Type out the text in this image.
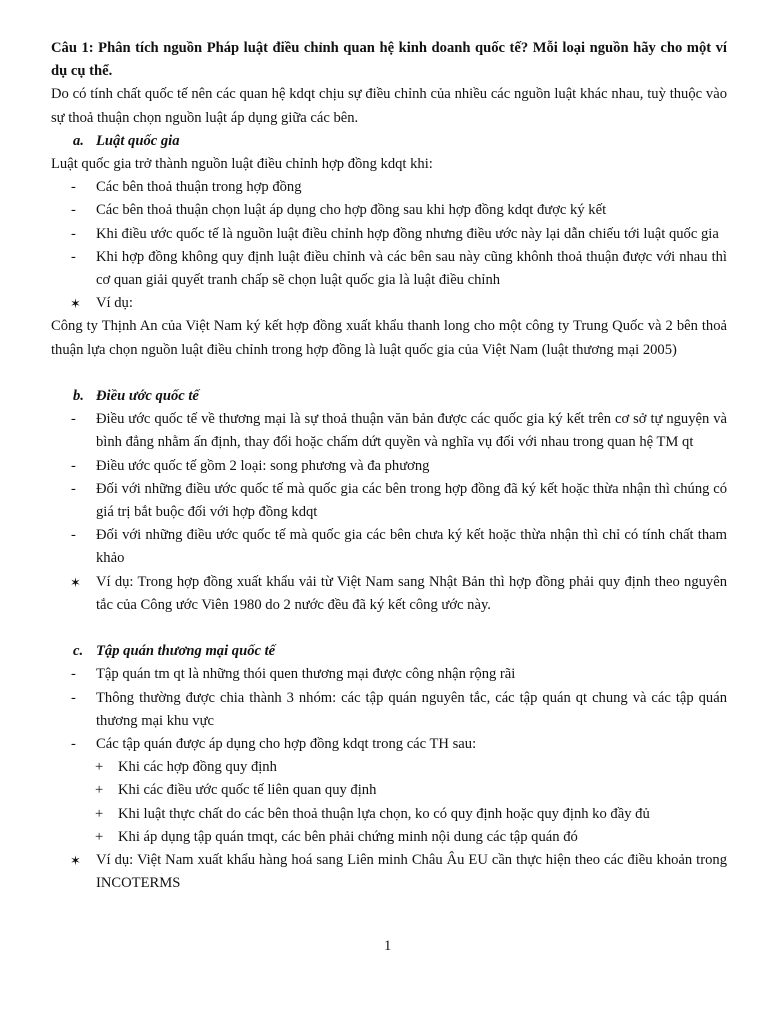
Câu 1: Phân tích nguồn Pháp luật điều chỉnh quan hệ kinh doanh quốc tế? Mỗi loại nguồn hãy cho một ví dụ cụ thể.

Do có tính chất quốc tế nên các quan hệ kdqt chịu sự điều chỉnh của nhiều các nguồn luật khác nhau, tuỳ thuộc vào sự thoả thuận chọn nguồn luật áp dụng giữa các bên.

a. Luật quốc gia

Luật quốc gia trở thành nguồn luật điều chỉnh hợp đồng kdqt khi:

- Các bên thoả thuận trong hợp đồng
- Các bên thoả thuận chọn luật áp dụng cho hợp đồng sau khi hợp đồng kdqt được ký kết
- Khi điều ước quốc tế là nguồn luật điều chỉnh hợp đồng nhưng điều ước này lại dẫn chiếu tới luật quốc gia
- Khi hợp đồng không quy định luật điều chỉnh và các bên sau này cũng khônh thoả thuận được với nhau thì cơ quan giải quyết tranh chấp sẽ chọn luật quốc gia là luật điều chỉnh
✶ Ví dụ:

Công ty Thịnh An của Việt Nam ký kết hợp đồng xuất khẩu thanh long cho một công ty Trung Quốc và 2 bên thoả thuận lựa chọn nguồn luật điều chỉnh trong hợp đồng là luật quốc gia của Việt Nam (luật thương mại 2005)

b. Điều ước quốc tế

- Điều ước quốc tế về thương mại là sự thoả thuận văn bản được các quốc gia ký kết trên cơ sở tự nguyện và bình đẳng nhằm ấn định, thay đổi hoặc chấm dứt quyền và nghĩa vụ đối với nhau trong quan hệ TM qt
- Điều ước quốc tế gồm 2 loại: song phương và đa phương
- Đối với những điều ước quốc tế mà quốc gia các bên trong hợp đồng đã ký kết hoặc thừa nhận thì chúng có giá trị bắt buộc đối với hợp đồng kdqt
- Đối với những điều ước quốc tế mà quốc gia các bên chưa ký kết hoặc thừa nhận thì chỉ có tính chất tham khảo
✶ Ví dụ: Trong hợp đồng xuất khẩu vải từ Việt Nam sang Nhật Bản thì hợp đồng phải quy định theo nguyên tắc của Công ước Viên 1980 do 2 nước đều đã ký kết công ước này.

c. Tập quán thương mại quốc tế

- Tập quán tm qt là những thói quen thương mại được công nhận rộng rãi
- Thông thường được chia thành 3 nhóm: các tập quán nguyên tắc, các tập quán qt chung và các tập quán thương mại khu vực
- Các tập quán được áp dụng cho hợp đồng kdqt trong các TH sau:
+ Khi các hợp đồng quy định
+ Khi các điều ước quốc tế liên quan quy định
+ Khi luật thực chất do các bên thoả thuận lựa chọn, ko có quy định hoặc quy định ko đầy đủ
+ Khi áp dụng tập quán tmqt, các bên phải chứng minh nội dung các tập quán đó
✶ Ví dụ: Việt Nam xuất khẩu hàng hoá sang Liên minh Châu Âu EU cần thực hiện theo các điều khoản trong INCOTERMS
1
